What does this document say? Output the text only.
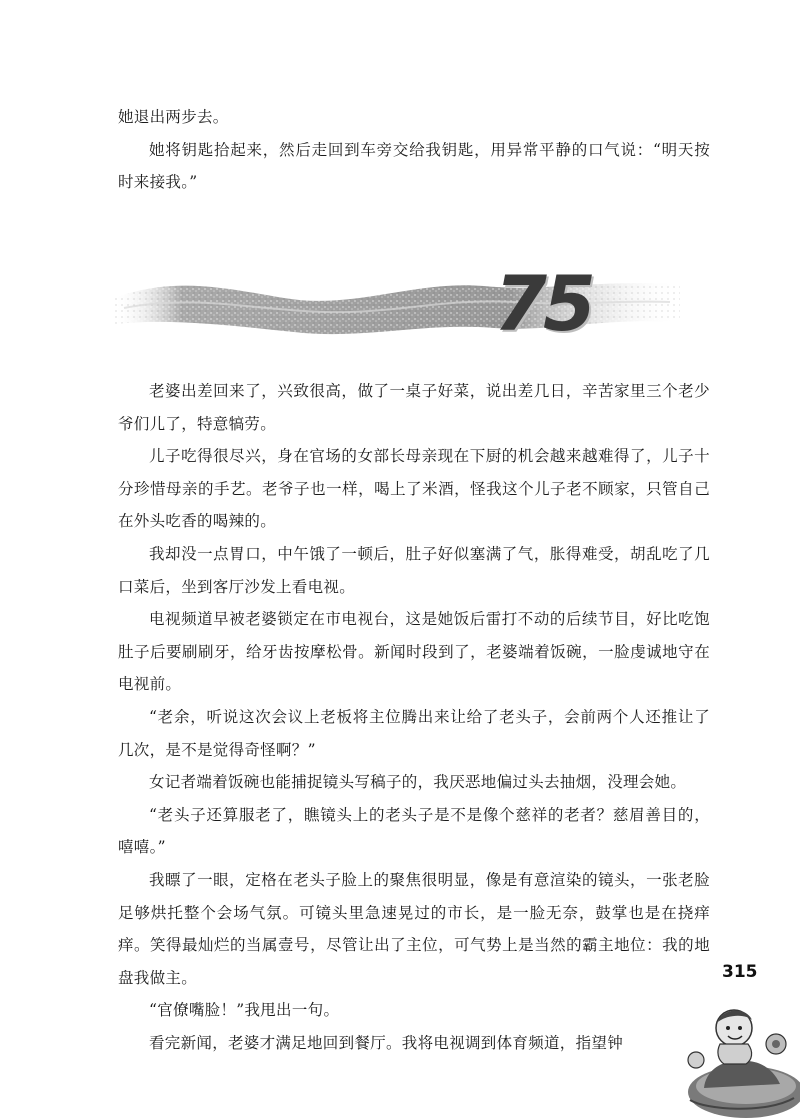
她退出两步去。

她将钥匙拾起来，然后走回到车旁交给我钥匙，用异常平静的口气说：“明天按时来接我。”

75

老婆出差回来了，兴致很高，做了一桌子好菜，说出差几日，辛苦家里三个老少爷们儿了，特意犒劳。

儿子吃得很尽兴，身在官场的女部长母亲现在下厨的机会越来越难得了，儿子十分珍惜母亲的手艺。老爷子也一样，喝上了米酒，怪我这个儿子老不顾家，只管自己在外头吃香的喝辣的。

我却没一点胃口，中午饿了一顿后，肚子好似塞满了气，胀得难受，胡乱吃了几口菜后，坐到客厅沙发上看电视。

电视频道早被老婆锁定在市电视台，这是她饭后雷打不动的后续节目，好比吃饱肚子后要刷刷牙，给牙齿按摩松骨。新闻时段到了，老婆端着饭碗，一脸虔诚地守在电视前。

“老余，听说这次会议上老板将主位腾出来让给了老头子，会前两个人还推让了几次，是不是觉得奇怪啊？”

女记者端着饭碗也能捕捉镜头写稿子的，我厌恶地偏过头去抽烟，没理会她。

“老头子还算服老了，瞧镜头上的老头子是不是像个慈祥的老者？慈眉善目的，嘻嘻。”

我瞟了一眼，定格在老头子脸上的聚焦很明显，像是有意渲染的镜头，一张老脸足够烘托整个会场气氛。可镜头里急速晃过的市长，是一脸无奈，鼓掌也是在挠痒痒。笑得最灿烂的当属壹号，尽管让出了主位，可气势上是当然的霸主地位：我的地盘我做主。

“官僚嘴脸！”我甩出一句。

看完新闻，老婆才满足地回到餐厅。我将电视调到体育频道，指望钟

315
